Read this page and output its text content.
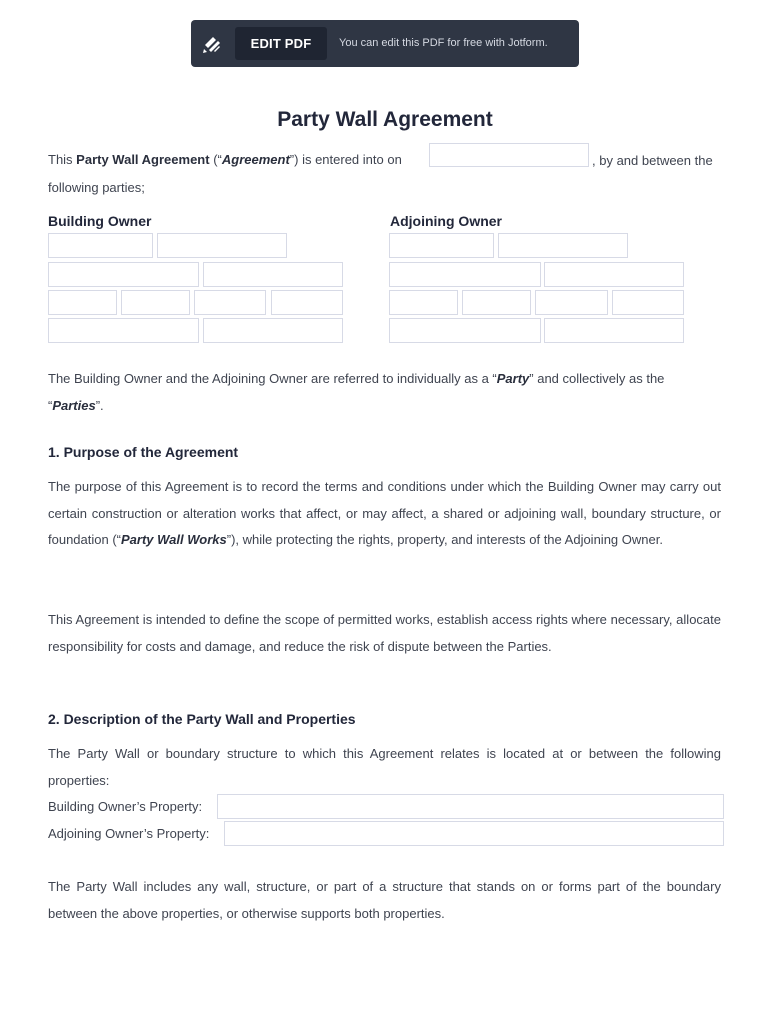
EDIT PDF	You can edit this PDF for free with Jotform.
Party Wall Agreement
This Party Wall Agreement (“Agreement”) is entered into on	, by and between the
following parties;
Building Owner	Adjoining Owner
The Building Owner and the Adjoining Owner are referred to individually as a “Party” and collectively as the
“Parties”.
1. Purpose of the Agreement
The purpose of this Agreement is to record the terms and conditions under which the Building Owner may carry out certain construction or alteration works that affect, or may affect, a shared or adjoining wall, boundary structure, or foundation (“Party Wall Works”), while protecting the rights, property, and interests of the Adjoining Owner.
This Agreement is intended to define the scope of permitted works, establish access rights where necessary, allocate responsibility for costs and damage, and reduce the risk of dispute between the Parties.
2. Description of the Party Wall and Properties
The Party Wall or boundary structure to which this Agreement relates is located at or between the following properties:
Building Owner’s Property:
Adjoining Owner’s Property:
The Party Wall includes any wall, structure, or part of a structure that stands on or forms part of the boundary between the above properties, or otherwise supports both properties.
